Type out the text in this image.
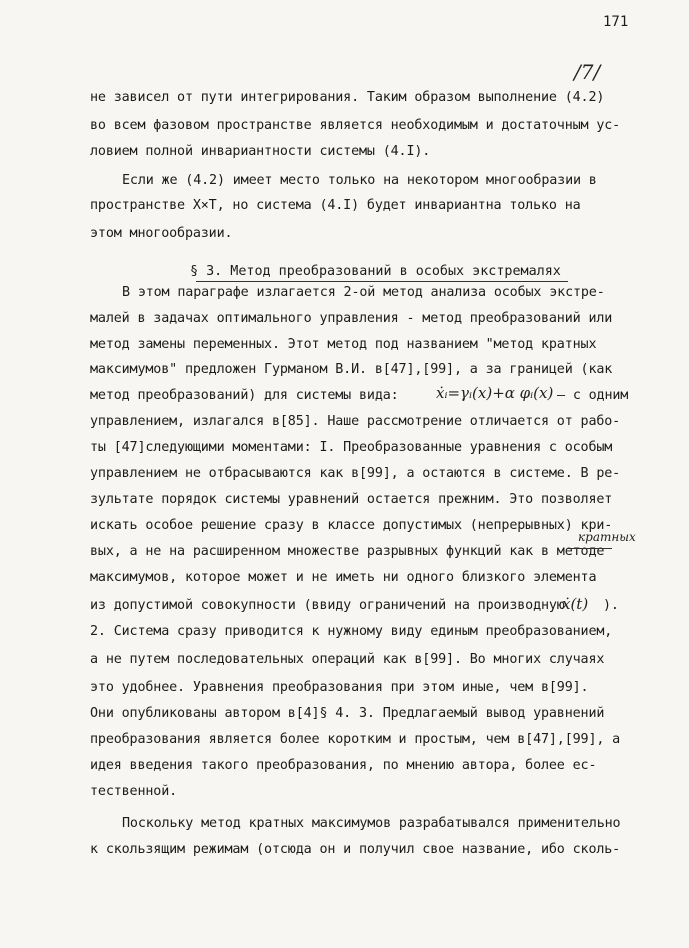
171
/7/
не зависел от пути интегрирования. Таким образом выполнение (4.2)
во всем фазовом пространстве является необходимым и достаточным ус-
ловием полной инвариантности системы (4.I).
Если же (4.2) имеет место только на некотором многообразии в
пространстве X×T, но система (4.I) будет инвариантна только на
этом многообразии.
§ 3. Метод преобразований в особых экстремалях
В этом параграфе излагается 2-ой метод анализа особых экстре-
малей в задачах оптимального управления - метод преобразований или
метод замены переменных. Этот метод под названием "метод кратных
максимумов" предложен Гурманом В.И. в[47],[99], а за границей (как
метод преобразований) для системы вида:	ẋᵢ=γᵢ(x)+α φᵢ(x) – с одним
управлением, излагался в[85]. Наше рассмотрение отличается от рабо-
ты [47]следующими моментами: I. Преобразованные уравнения с особым
управлением не отбрасываются как в[99], а остаются в системе. В ре-
зультате порядок системы уравнений остается прежним. Это позволяет
искать особое решение сразу в классе допустимых (непрерывных) кри-
кратных
вых, а не на расширенном множестве разрывных функций как в методе
максимумов, которое может и не иметь ни одного близкого элемента
из допустимой совокупности (ввиду ограничений на производную
ẋ(t) ).
2. Система сразу приводится к нужному виду единым преобразованием,
а не путем последовательных операций как в[99]. Во многих случаях
это удобнее. Уравнения преобразования при этом иные, чем в[99].
Они опубликованы автором в[4]§ 4. 3. Предлагаемый вывод уравнений
преобразования является более коротким и простым, чем в[47],[99], а
идея введения такого преобразования, по мнению автора, более ес-
тественной.
Поскольку метод кратных максимумов разрабатывался применительно
к скользящим режимам (отсюда он и получил свое название, ибо сколь-
